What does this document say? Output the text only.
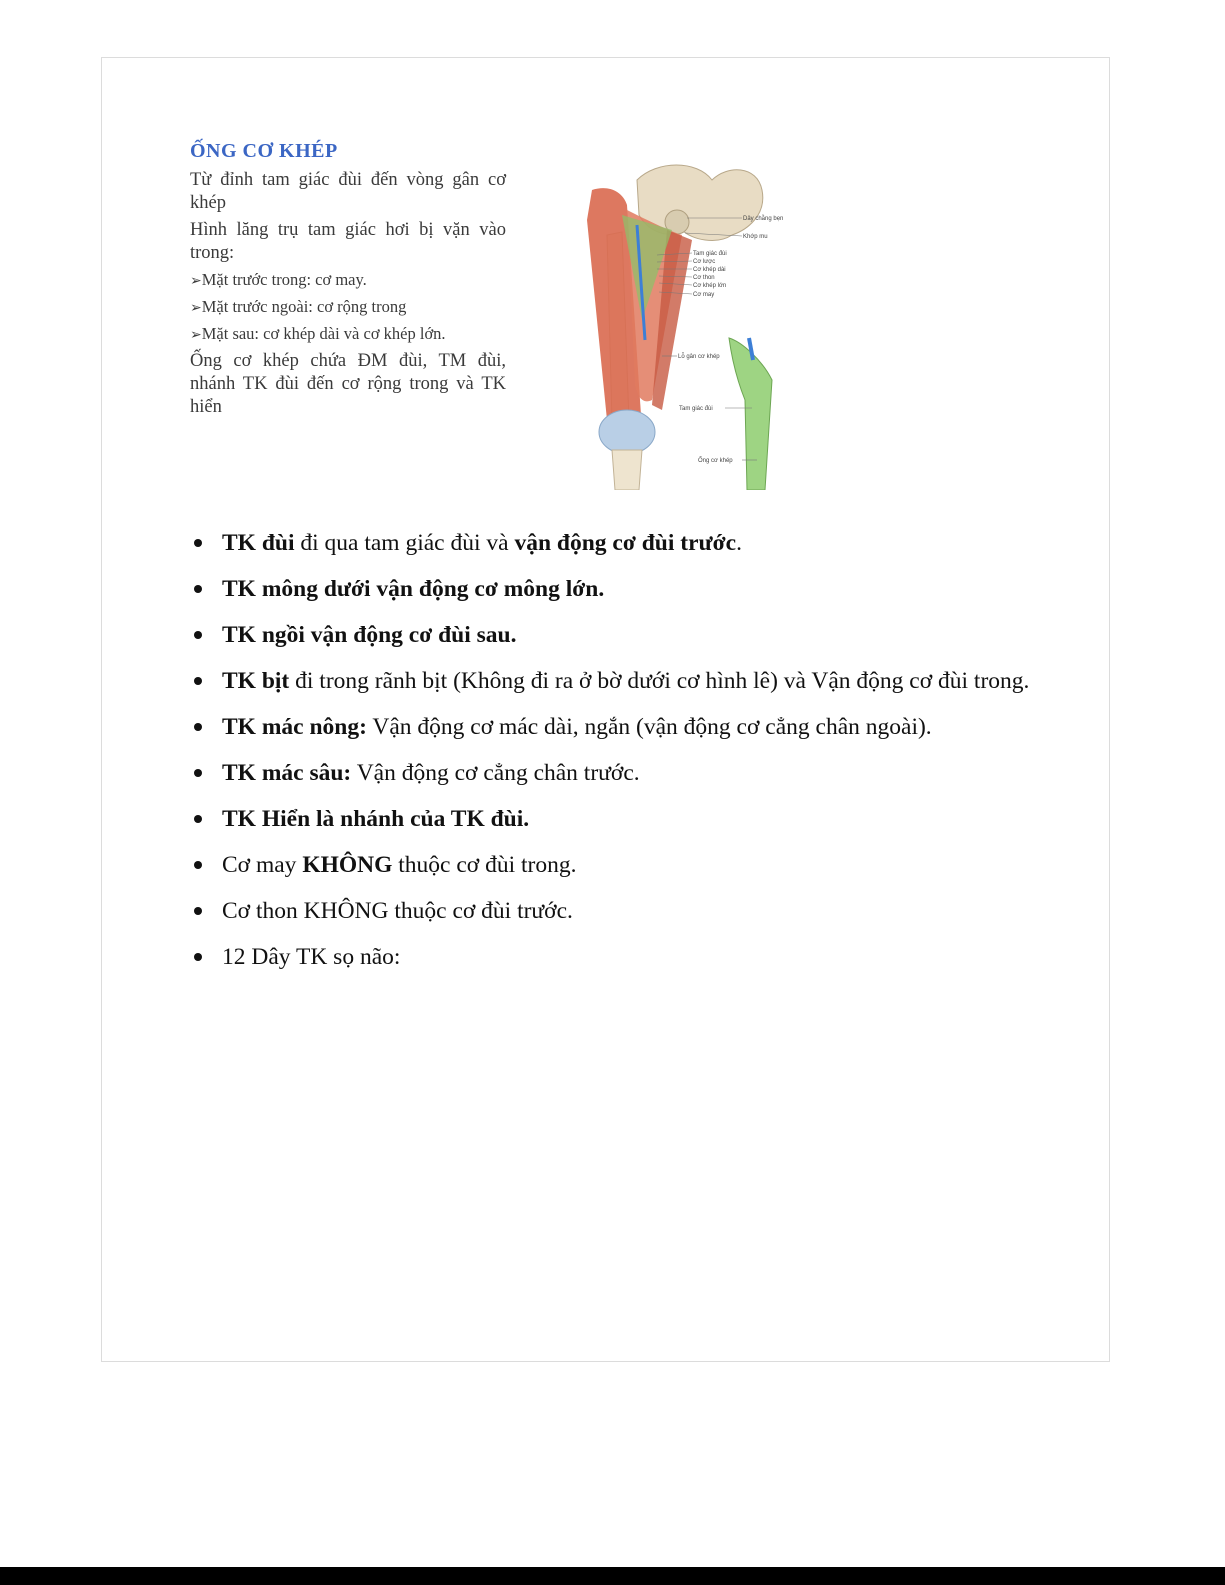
ỐNG CƠ KHÉP

Từ đỉnh tam giác đùi đến vòng gân cơ khép

Hình lăng trụ tam giác hơi bị vặn vào trong:

➢Mặt trước trong: cơ may.

➢Mặt trước ngoài: cơ rộng trong

➢Mặt sau: cơ khép dài và cơ khép lớn.

Ống cơ khép chứa ĐM đùi, TM đùi, nhánh TK đùi đến cơ rộng trong và TK hiển

Dây chằng bẹn
Khớp mu
Tam giác đùi
Cơ lược
Cơ khép dài
Cơ thon
Cơ khép lớn
Cơ may
Lỗ gân cơ khép
Tam giác đùi
Ống cơ khép
TK đùi đi qua tam giác đùi và vận động cơ đùi trước.
TK mông dưới vận động cơ mông lớn.
TK ngồi vận động cơ đùi sau.
TK bịt đi trong rãnh bịt (Không đi ra ở bờ dưới cơ hình lê) và Vận động cơ đùi trong.
TK mác nông: Vận động cơ mác dài, ngắn (vận động cơ cẳng chân ngoài).
TK mác sâu: Vận động cơ cẳng chân trước.
TK Hiển là nhánh của TK đùi.
Cơ may KHÔNG thuộc cơ đùi trong.
Cơ thon KHÔNG thuộc cơ đùi trước.
12 Dây TK sọ não:
